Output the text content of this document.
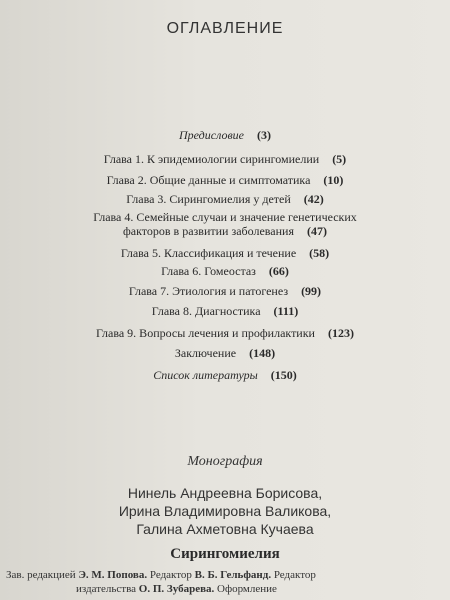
ОГЛАВЛЕНИЕ
Предисловие (3)
Глава 1. К эпидемиологии сирингомиелии (5)
Глава 2. Общие данные и симптоматика (10)
Глава 3. Сирингомиелия у детей (42)
Глава 4. Семейные случаи и значение генетических
факторов в развитии заболевания (47)
Глава 5. Классификация и течение (58)
Глава 6. Гомеостаз (66)
Глава 7. Этиология и патогенез (99)
Глава 8. Диагностика (111)
Глава 9. Вопросы лечения и профилактики (123)
Заключение (148)
Список литературы (150)
Монография
Нинель Андреевна Борисова,
Ирина Владимировна Валикова,
Галина Ахметовна Кучаева
Сирингомиелия
Зав. редакцией Э. М. Попова. Редактор В. Б. Гельфанд. Редактор
издательства О. П. Зубарева. Оформление
